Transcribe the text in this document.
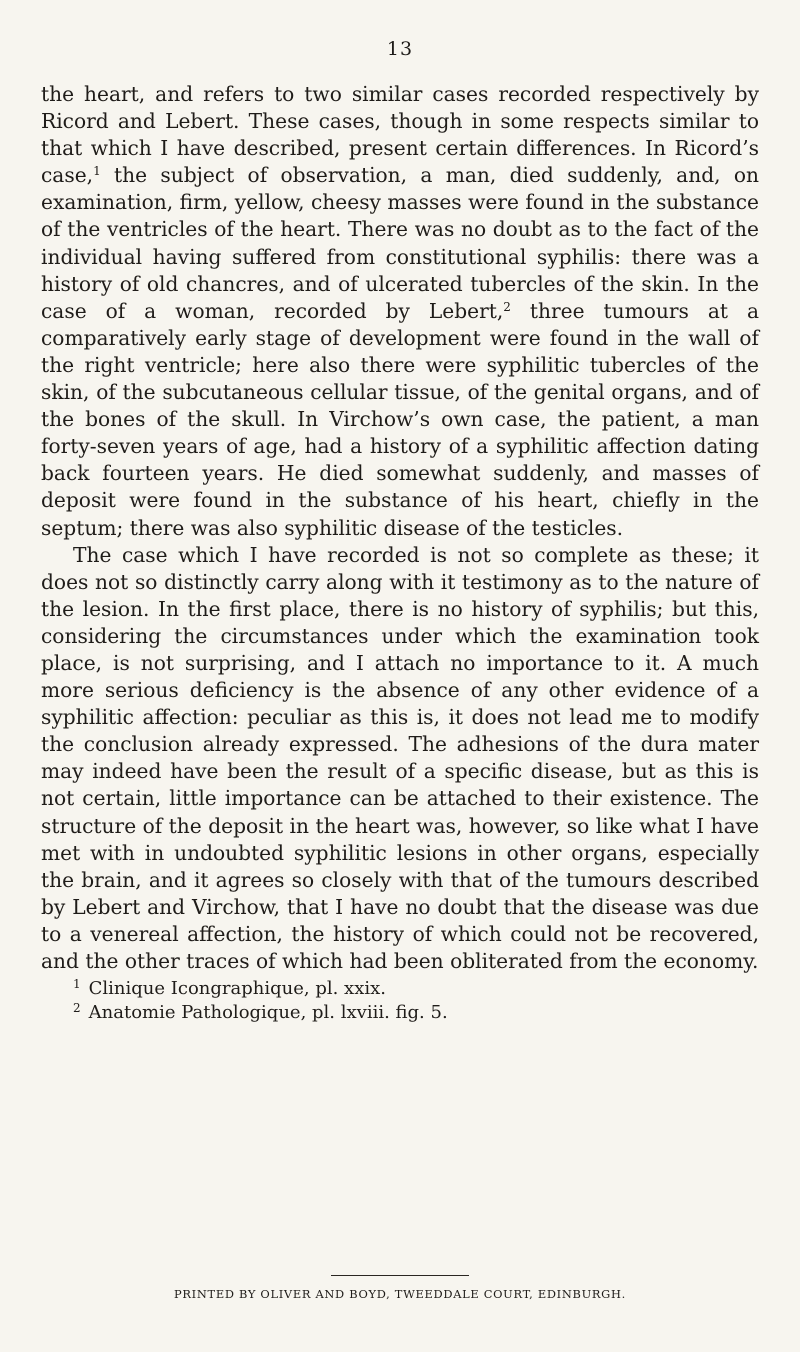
13

the heart, and refers to two similar cases recorded respectively by Ricord and Lebert. These cases, though in some respects similar to that which I have described, present certain differences. In Ricord’s case,$^1$ the subject of observation, a man, died suddenly, and, on examination, firm, yellow, cheesy masses were found in the substance of the ventricles of the heart. There was no doubt as to the fact of the individual having suffered from constitutional syphilis: there was a history of old chancres, and of ulcerated tubercles of the skin. In the case of a woman, recorded by Lebert,$^2$ three tumours at a comparatively early stage of development were found in the wall of the right ventricle; here also there were syphilitic tubercles of the skin, of the subcutaneous cellular tissue, of the genital organs, and of the bones of the skull. In Virchow’s own case, the patient, a man forty-seven years of age, had a history of a syphilitic affection dating back fourteen years. He died somewhat suddenly, and masses of deposit were found in the substance of his heart, chiefly in the septum; there was also syphilitic disease of the testicles.

The case which I have recorded is not so complete as these; it does not so distinctly carry along with it testimony as to the nature of the lesion. In the first place, there is no history of syphilis; but this, considering the circumstances under which the examination took place, is not surprising, and I attach no importance to it. A much more serious deficiency is the absence of any other evidence of a syphilitic affection: peculiar as this is, it does not lead me to modify the conclusion already expressed. The adhesions of the dura mater may indeed have been the result of a specific disease, but as this is not certain, little importance can be attached to their existence. The structure of the deposit in the heart was, however, so like what I have met with in undoubted syphilitic lesions in other organs, especially the brain, and it agrees so closely with that of the tumours described by Lebert and Virchow, that I have no doubt that the disease was due to a venereal affection, the history of which could not be recovered, and the other traces of which had been obliterated from the economy.

$^1$ Clinique Icongraphique, pl. xxix.

$^2$ Anatomie Pathologique, pl. lxviii. fig. 5.

PRINTED BY OLIVER AND BOYD, TWEEDDALE COURT, EDINBURGH.
